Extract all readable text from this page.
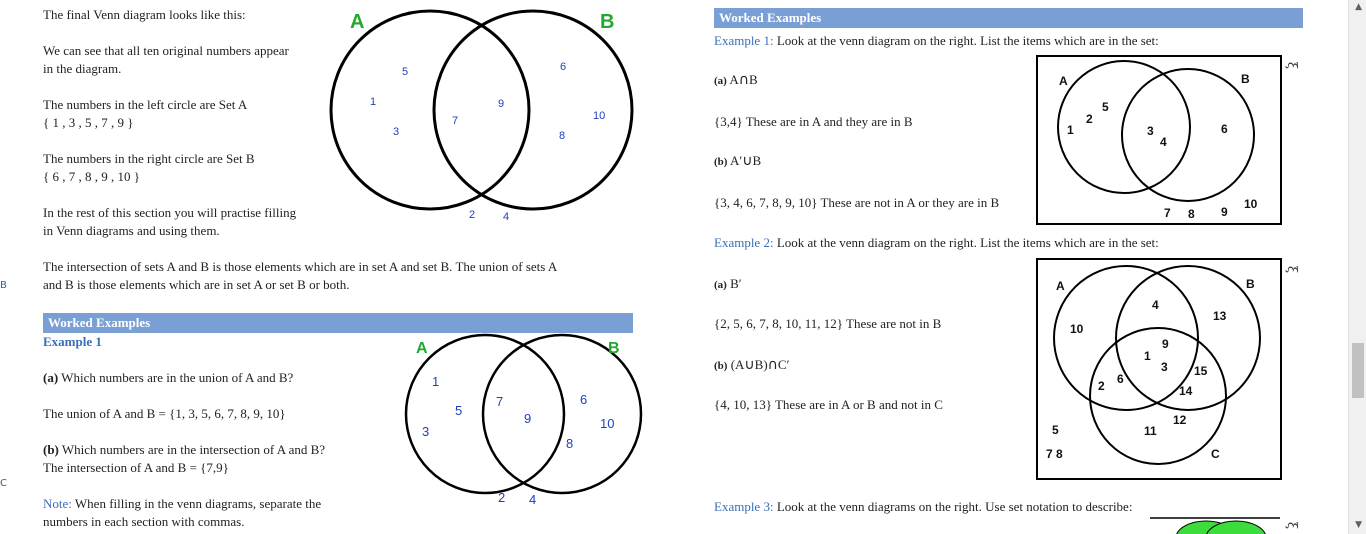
The final Venn diagram looks like this:
We can see that all ten original numbers appear
in the diagram.
The numbers in the left circle are Set A
{ 1 , 3 , 5 , 7 , 9 }
The numbers in the right circle are Set B
{ 6 , 7 , 8 , 9 , 10 }
In the rest of this section you will practise filling
in Venn diagrams and using them.
The intersection of sets A and B is those elements which are in set A and set B. The union of sets A
and B is those elements which are in set A or set B or both.
Worked Examples
Example 1
(a) Which numbers are in the union of A and B?
The union of A and B = {1, 3, 5, 6, 7, 8, 9, 10}
(b) Which numbers are in the intersection of A and B?
The intersection of A and B = {7,9}
Note: When filling in the venn diagrams, separate the
numbers in each section with commas.
A	B
5	6
1	9
7	10
3	8
2	4
A	B
1
7	6
5
9	10
3
8
2 4
Worked Examples
Example 1: Look at the venn diagram on the right. List the items which are in the set:
(a) A∩B
{3,4} These are in A and they are in B
(b) A′∪B
{3, 4, 6, 7, 8, 9, 10} These are not in A or they are in B
Example 2: Look at the venn diagram on the right. List the items which are in the set:
(a) B′
{2, 5, 6, 7, 8, 10, 11, 12} These are not in B
(b) (A∪B)∩C′
{4, 10, 13} These are in A or B and not in C
Example 3: Look at the venn diagrams on the right. Use set notation to describe:
ξ
ξ
ξ
A	B
1
2
5
3
4
6
7 8 9
10
A	B
C
4
13
10
9
1
3 15
2 6
14
12
11
5
7 8
B
C
▲
▼
